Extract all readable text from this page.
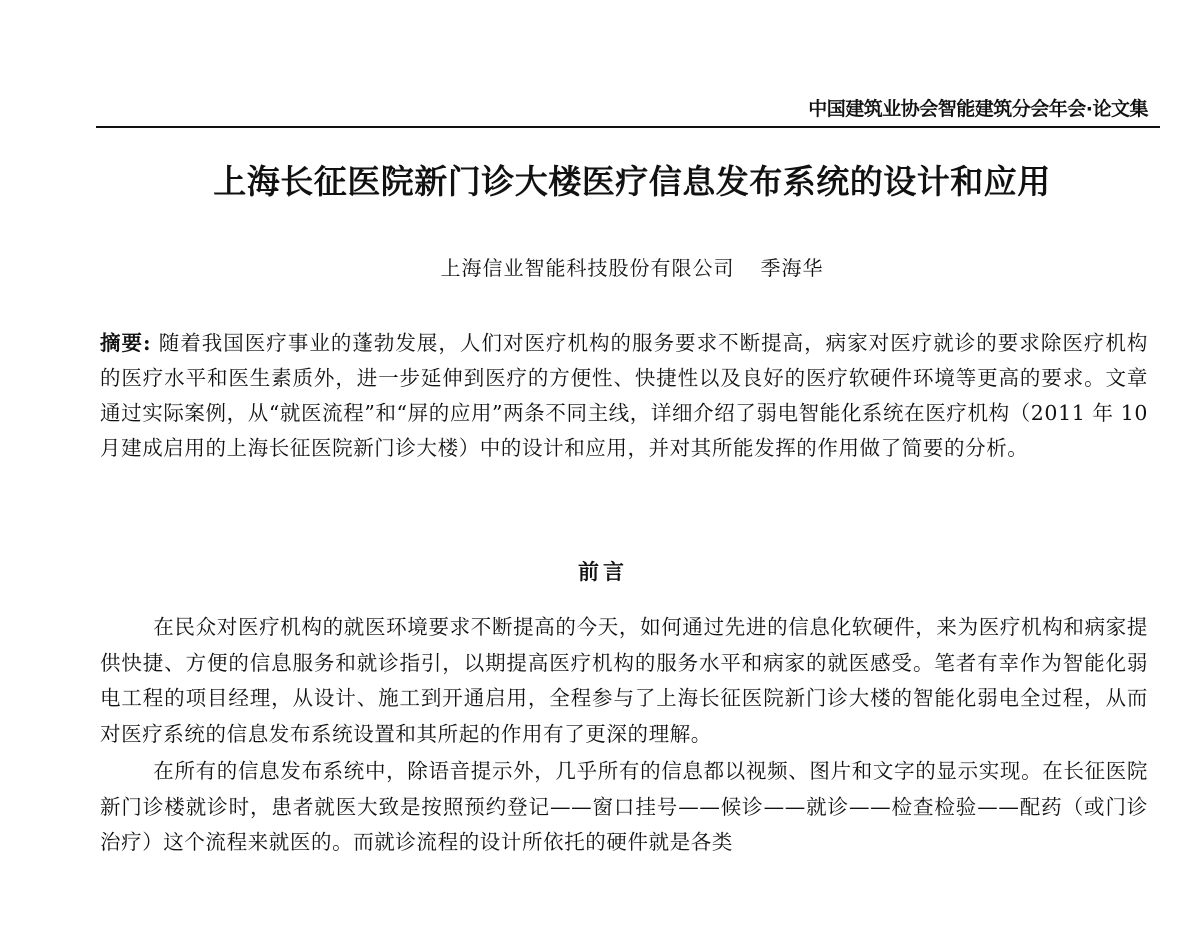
中国建筑业协会智能建筑分会年会·论文集
上海长征医院新门诊大楼医疗信息发布系统的设计和应用
上海信业智能科技股份有限公司 季海华
摘要: 随着我国医疗事业的蓬勃发展，人们对医疗机构的服务要求不断提高，病家对医疗就诊的要求除医疗机构的医疗水平和医生素质外，进一步延伸到医疗的方便性、快捷性以及良好的医疗软硬件环境等更高的要求。文章通过实际案例，从“就医流程”和“屏的应用”两条不同主线，详细介绍了弱电智能化系统在医疗机构（2011 年 10 月建成启用的上海长征医院新门诊大楼）中的设计和应用，并对其所能发挥的作用做了简要的分析。
前言

在民众对医疗机构的就医环境要求不断提高的今天，如何通过先进的信息化软硬件，来为医疗机构和病家提供快捷、方便的信息服务和就诊指引，以期提高医疗机构的服务水平和病家的就医感受。笔者有幸作为智能化弱电工程的项目经理，从设计、施工到开通启用，全程参与了上海长征医院新门诊大楼的智能化弱电全过程，从而对医疗系统的信息发布系统设置和其所起的作用有了更深的理解。

在所有的信息发布系统中，除语音提示外，几乎所有的信息都以视频、图片和文字的显示实现。在长征医院新门诊楼就诊时，患者就医大致是按照预约登记——窗口挂号——候诊——就诊——检查检验——配药（或门诊治疗）这个流程来就医的。而就诊流程的设计所依托的硬件就是各类
